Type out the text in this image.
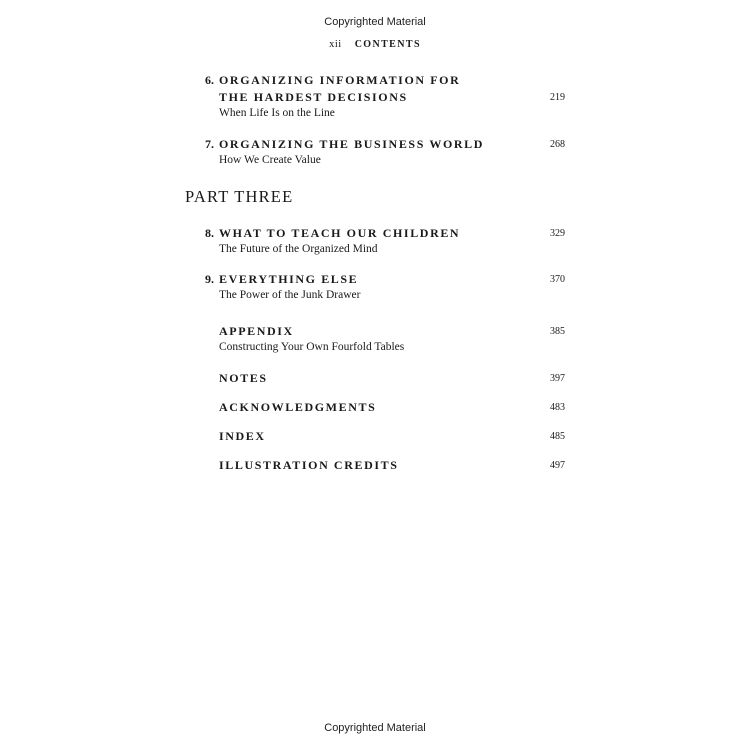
Copyrighted Material
xii CONTENTS
6. ORGANIZING INFORMATION FOR
THE HARDEST DECISIONS	219
When Life Is on the Line
7. ORGANIZING THE BUSINESS WORLD	268
How We Create Value
PART THREE
8. WHAT TO TEACH OUR CHILDREN	329
The Future of the Organized Mind
9. EVERYTHING ELSE	370
The Power of the Junk Drawer
APPENDIX	385
Constructing Your Own Fourfold Tables
NOTES	397
ACKNOWLEDGMENTS	483
INDEX	485
ILLUSTRATION CREDITS	497
Copyrighted Material
